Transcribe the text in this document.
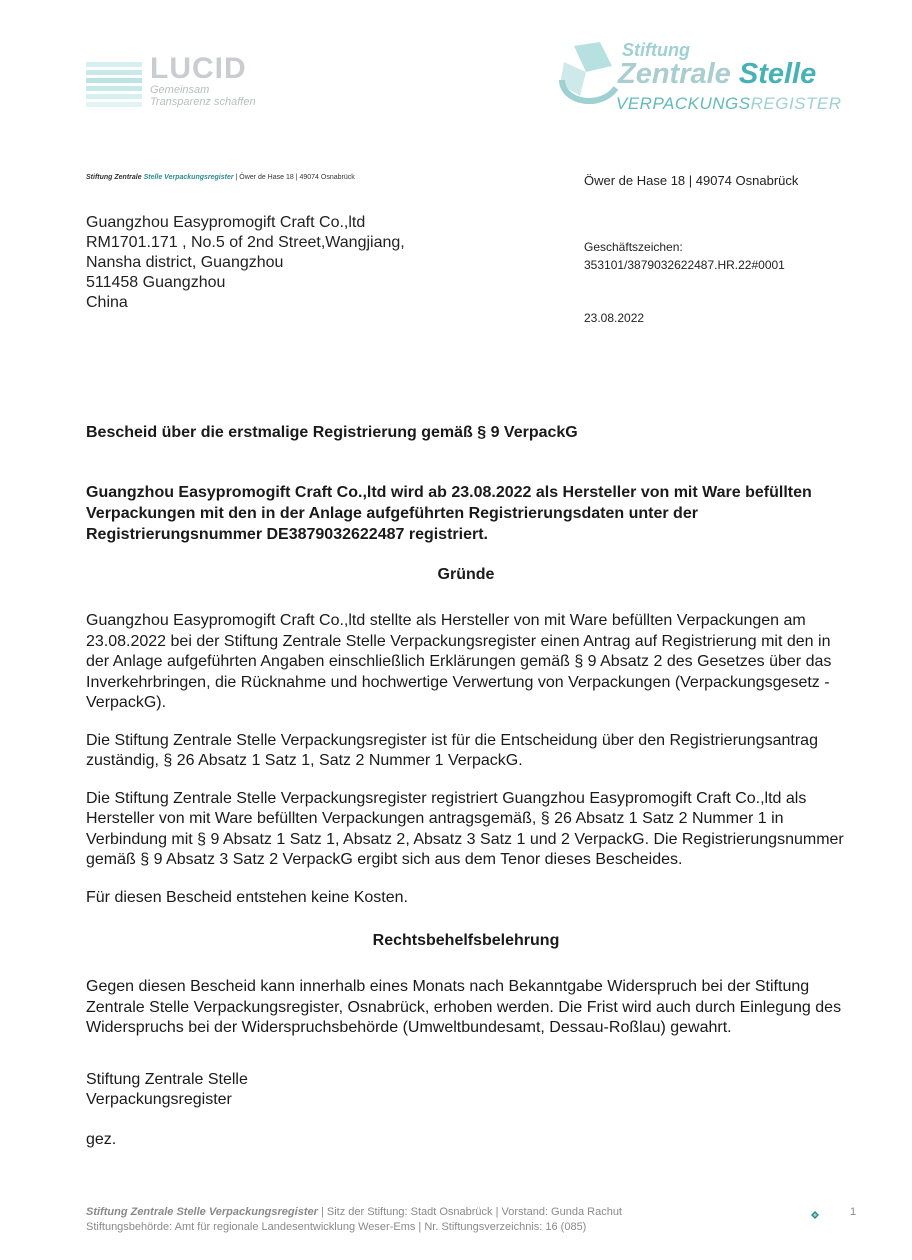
LUCID
Gemeinsam
Transparenz schaffen
Stiftung
Zentrale Stelle
VERPACKUNGSREGISTER
Stiftung Zentrale Stelle Verpackungsregister | Öwer de Hase 18 | 49074 Osnabrück
Guangzhou Easypromogift Craft Co.,ltd
RM1701.171 , No.5 of 2nd Street,Wangjiang,
Nansha district, Guangzhou
511458 Guangzhou
China
Öwer de Hase 18 | 49074 Osnabrück
Geschäftszeichen:
353101/3879032622487.HR.22#0001
23.08.2022

Bescheid über die erstmalige Registrierung gemäß § 9 VerpackG

Guangzhou Easypromogift Craft Co.,ltd wird ab 23.08.2022 als Hersteller von mit Ware befüllten Verpackungen mit den in der Anlage aufgeführten Registrierungsdaten unter der Registrierungsnummer DE3879032622487 registriert.

Gründe

Guangzhou Easypromogift Craft Co.,ltd stellte als Hersteller von mit Ware befüllten Verpackungen am 23.08.2022 bei der Stiftung Zentrale Stelle Verpackungsregister einen Antrag auf Registrierung mit den in der Anlage aufgeführten Angaben einschließlich Erklärungen gemäß § 9 Absatz 2 des Gesetzes über das Inverkehrbringen, die Rücknahme und hochwertige Verwertung von Verpackungen (Verpackungsgesetz - VerpackG).

Die Stiftung Zentrale Stelle Verpackungsregister ist für die Entscheidung über den Registrierungsantrag zuständig, § 26 Absatz 1 Satz 1, Satz 2 Nummer 1 VerpackG.

Die Stiftung Zentrale Stelle Verpackungsregister registriert Guangzhou Easypromogift Craft Co.,ltd als Hersteller von mit Ware befüllten Verpackungen antragsgemäß, § 26 Absatz 1 Satz 2 Nummer 1 in Verbindung mit § 9 Absatz 1 Satz 1, Absatz 2, Absatz 3 Satz 1 und 2 VerpackG. Die Registrierungsnummer gemäß § 9 Absatz 3 Satz 2 VerpackG ergibt sich aus dem Tenor dieses Bescheides.

Für diesen Bescheid entstehen keine Kosten.

Rechtsbehelfsbelehrung

Gegen diesen Bescheid kann innerhalb eines Monats nach Bekanntgabe Widerspruch bei der Stiftung Zentrale Stelle Verpackungsregister, Osnabrück, erhoben werden. Die Frist wird auch durch Einlegung des Widerspruchs bei der Widerspruchsbehörde (Umweltbundesamt, Dessau-Roßlau) gewahrt.

Stiftung Zentrale Stelle

Verpackungsregister

gez.

Stiftung Zentrale Stelle Verpackungsregister | Sitz der Stiftung: Stadt Osnabrück | Vorstand: Gunda Rachut
Stiftungsbehörde: Amt für regionale Landesentwicklung Weser-Ems | Nr. Stiftungsverzeichnis: 16 (085)
1
